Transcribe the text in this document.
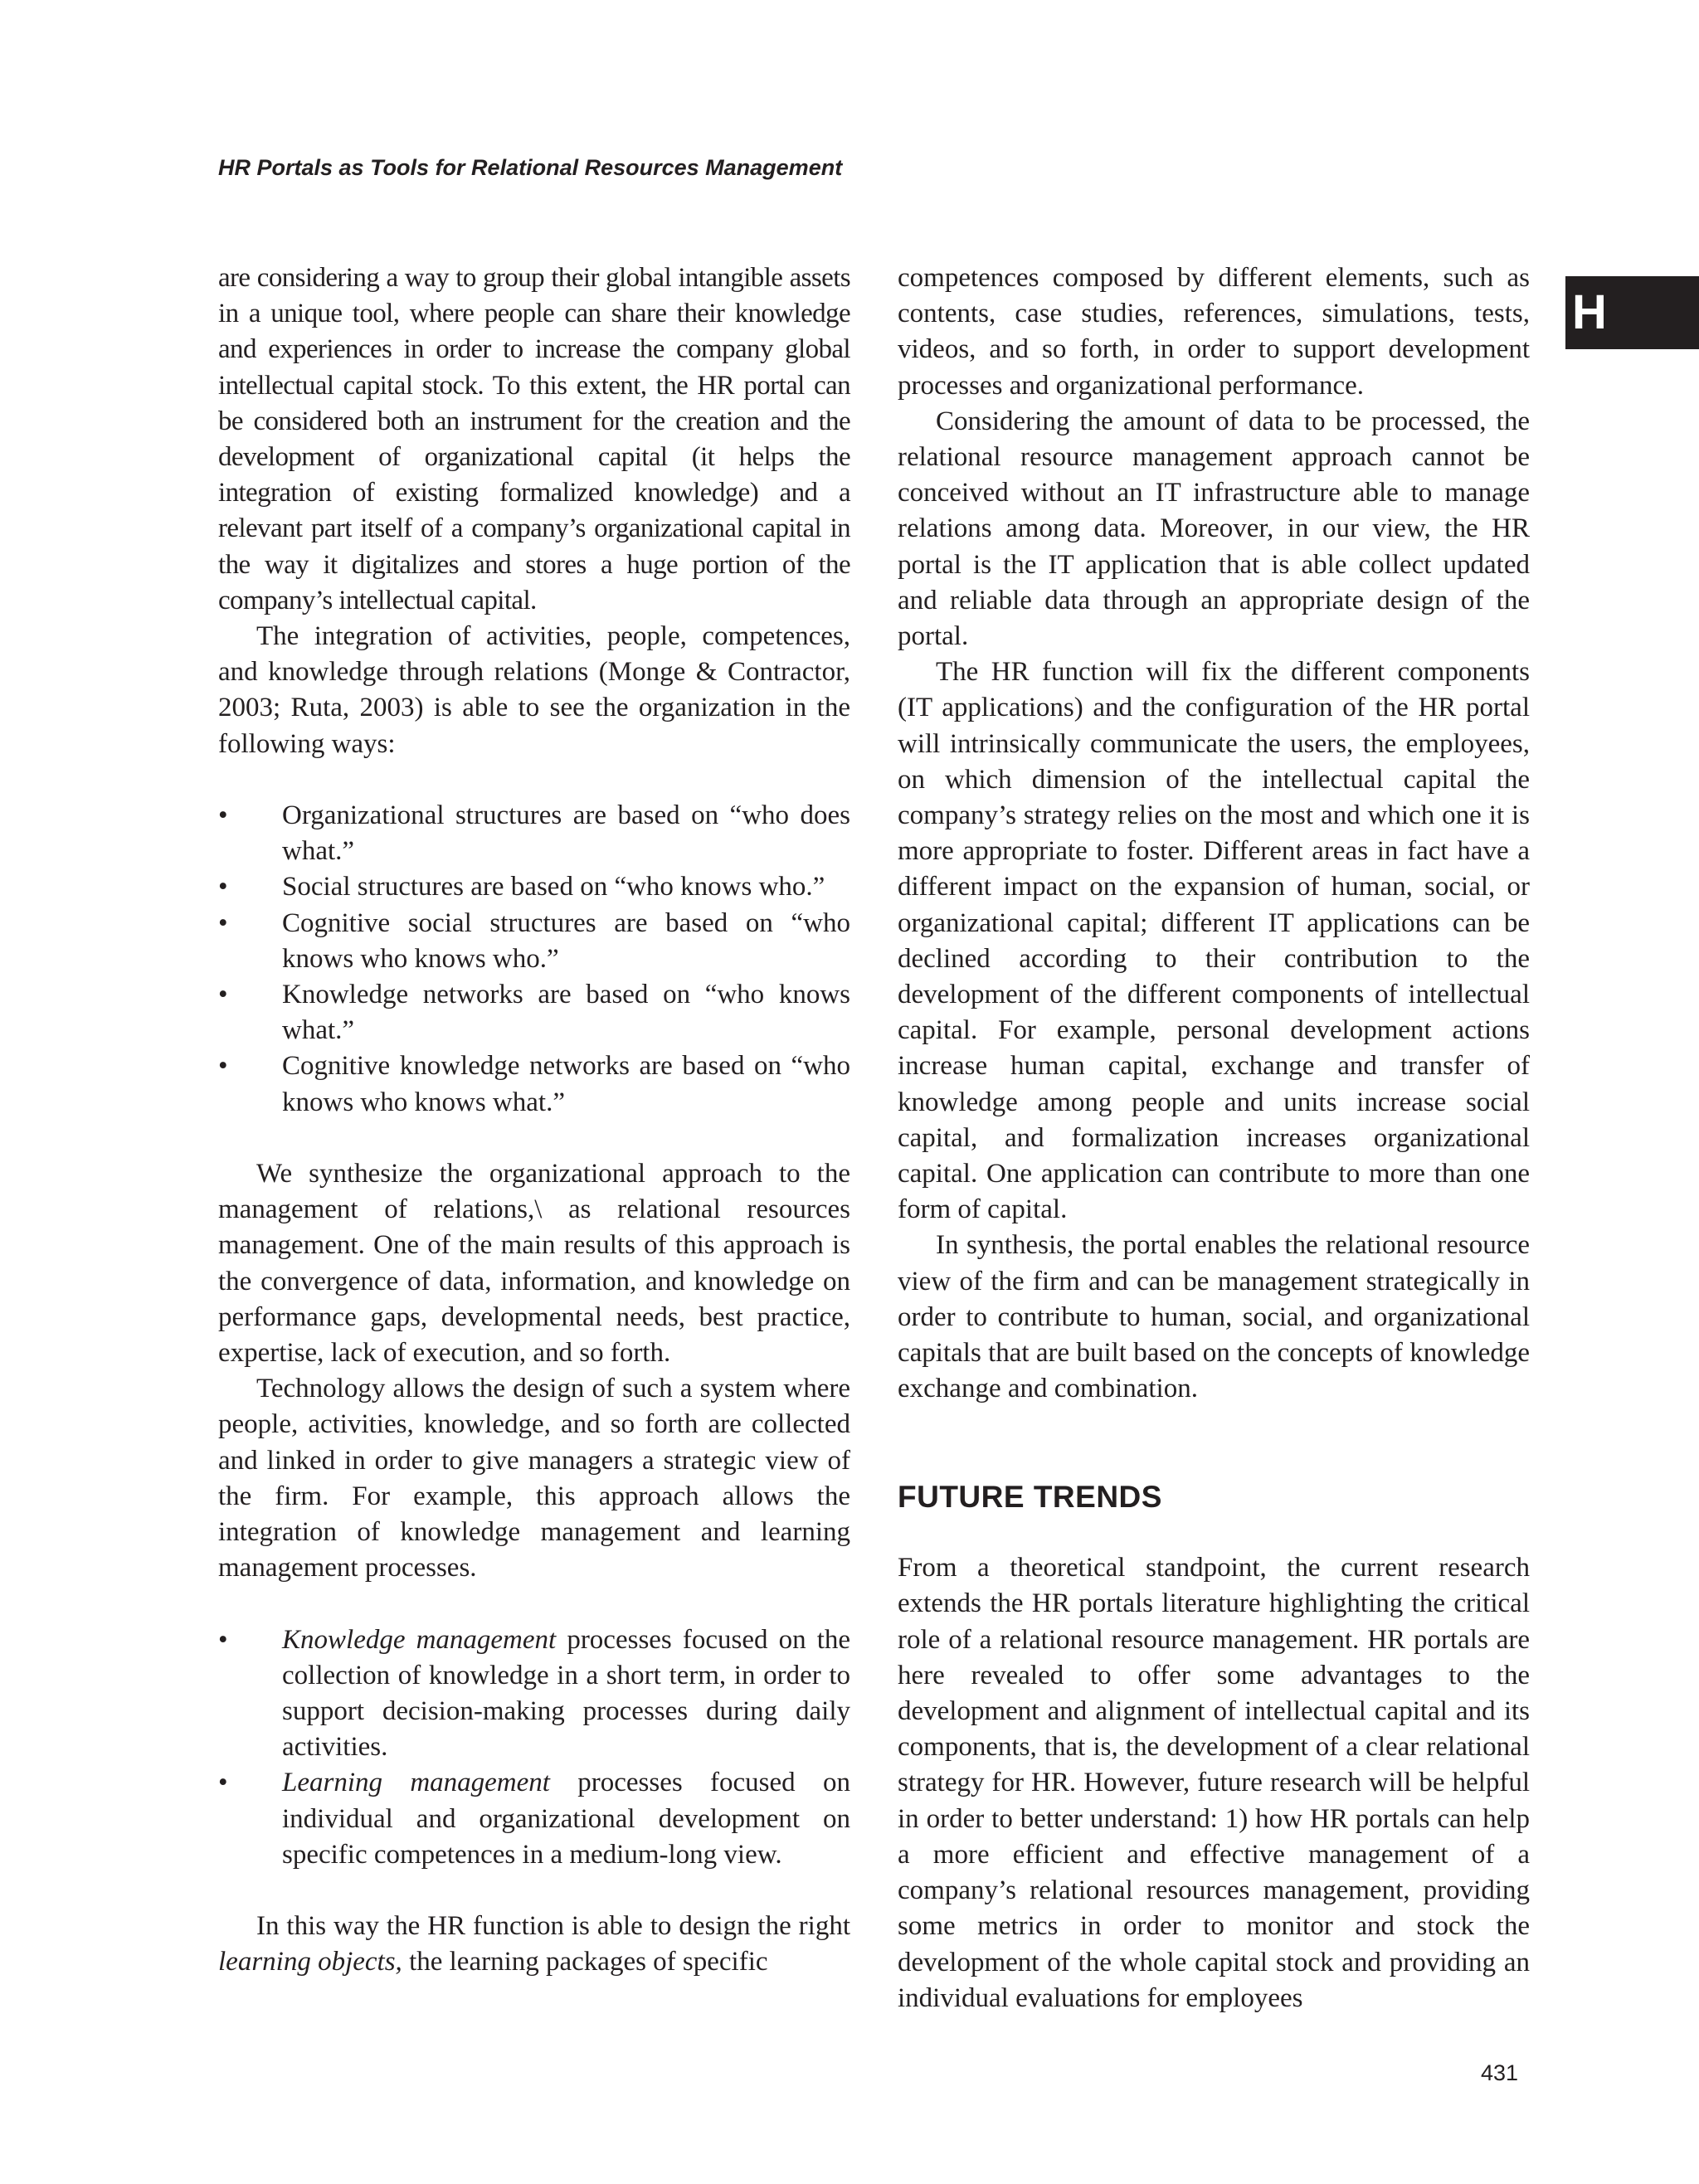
HR Portals as Tools for Relational Resources Management
H

are considering a way to group their global intangible assets in a unique tool, where people can share their knowledge and experiences in order to increase the company global intellectual capital stock. To this extent, the HR portal can be considered both an instrument for the creation and the development of organizational capital (it helps the integration of existing formalized knowledge) and a relevant part itself of a company’s organizational capital in the way it digitalizes and stores a huge portion of the company’s intellectual capital.

The integration of activities, people, competences, and knowledge through relations (Monge & Contractor, 2003; Ruta, 2003) is able to see the organization in the following ways:

• Organizational structures are based on “who does what.”
• Social structures are based on “who knows who.”
• Cognitive social structures are based on “who knows who knows who.”
• Knowledge networks are based on “who knows what.”
• Cognitive knowledge networks are based on “who knows who knows what.”

We synthesize the organizational approach to the management of relations,\ as relational resources management. One of the main results of this approach is the convergence of data, information, and knowledge on performance gaps, developmental needs, best practice, expertise, lack of execution, and so forth.

Technology allows the design of such a system where people, activities, knowledge, and so forth are collected and linked in order to give managers a strategic view of the firm. For example, this approach allows the integration of knowledge management and learning management processes.

• Knowledge management processes focused on the collection of knowledge in a short term, in order to support decision-making processes during daily activities.
• Learning management processes focused on individual and organizational development on specific competences in a medium-long view.

In this way the HR function is able to design the right learning objects, the learning packages of specific

competences composed by different elements, such as contents, case studies, references, simulations, tests, videos, and so forth, in order to support development processes and organizational performance.

Considering the amount of data to be processed, the relational resource management approach cannot be conceived without an IT infrastructure able to manage relations among data. Moreover, in our view, the HR portal is the IT application that is able collect updated and reliable data through an appropriate design of the portal.

The HR function will fix the different components (IT applications) and the configuration of the HR portal will intrinsically communicate the users, the employees, on which dimension of the intellectual capital the company’s strategy relies on the most and which one it is more appropriate to foster. Different areas in fact have a different impact on the expansion of human, social, or organizational capital; different IT applications can be declined according to their contribution to the development of the different components of intellectual capital. For example, personal development actions increase human capital, exchange and transfer of knowledge among people and units increase social capital, and formalization increases organizational capital. One application can contribute to more than one form of capital.

In synthesis, the portal enables the relational resource view of the firm and can be management strategically in order to contribute to human, social, and organizational capitals that are built based on the concepts of knowledge exchange and combination.

FUTURE TRENDS

From a theoretical standpoint, the current research extends the HR portals literature highlighting the critical role of a relational resource management. HR portals are here revealed to offer some advantages to the development and alignment of intellectual capital and its components, that is, the development of a clear relational strategy for HR. However, future research will be helpful in order to better understand: 1) how HR portals can help a more efficient and effective management of a company’s relational resources management, providing some metrics in order to monitor and stock the development of the whole capital stock and providing an individual evaluations for employees

431
